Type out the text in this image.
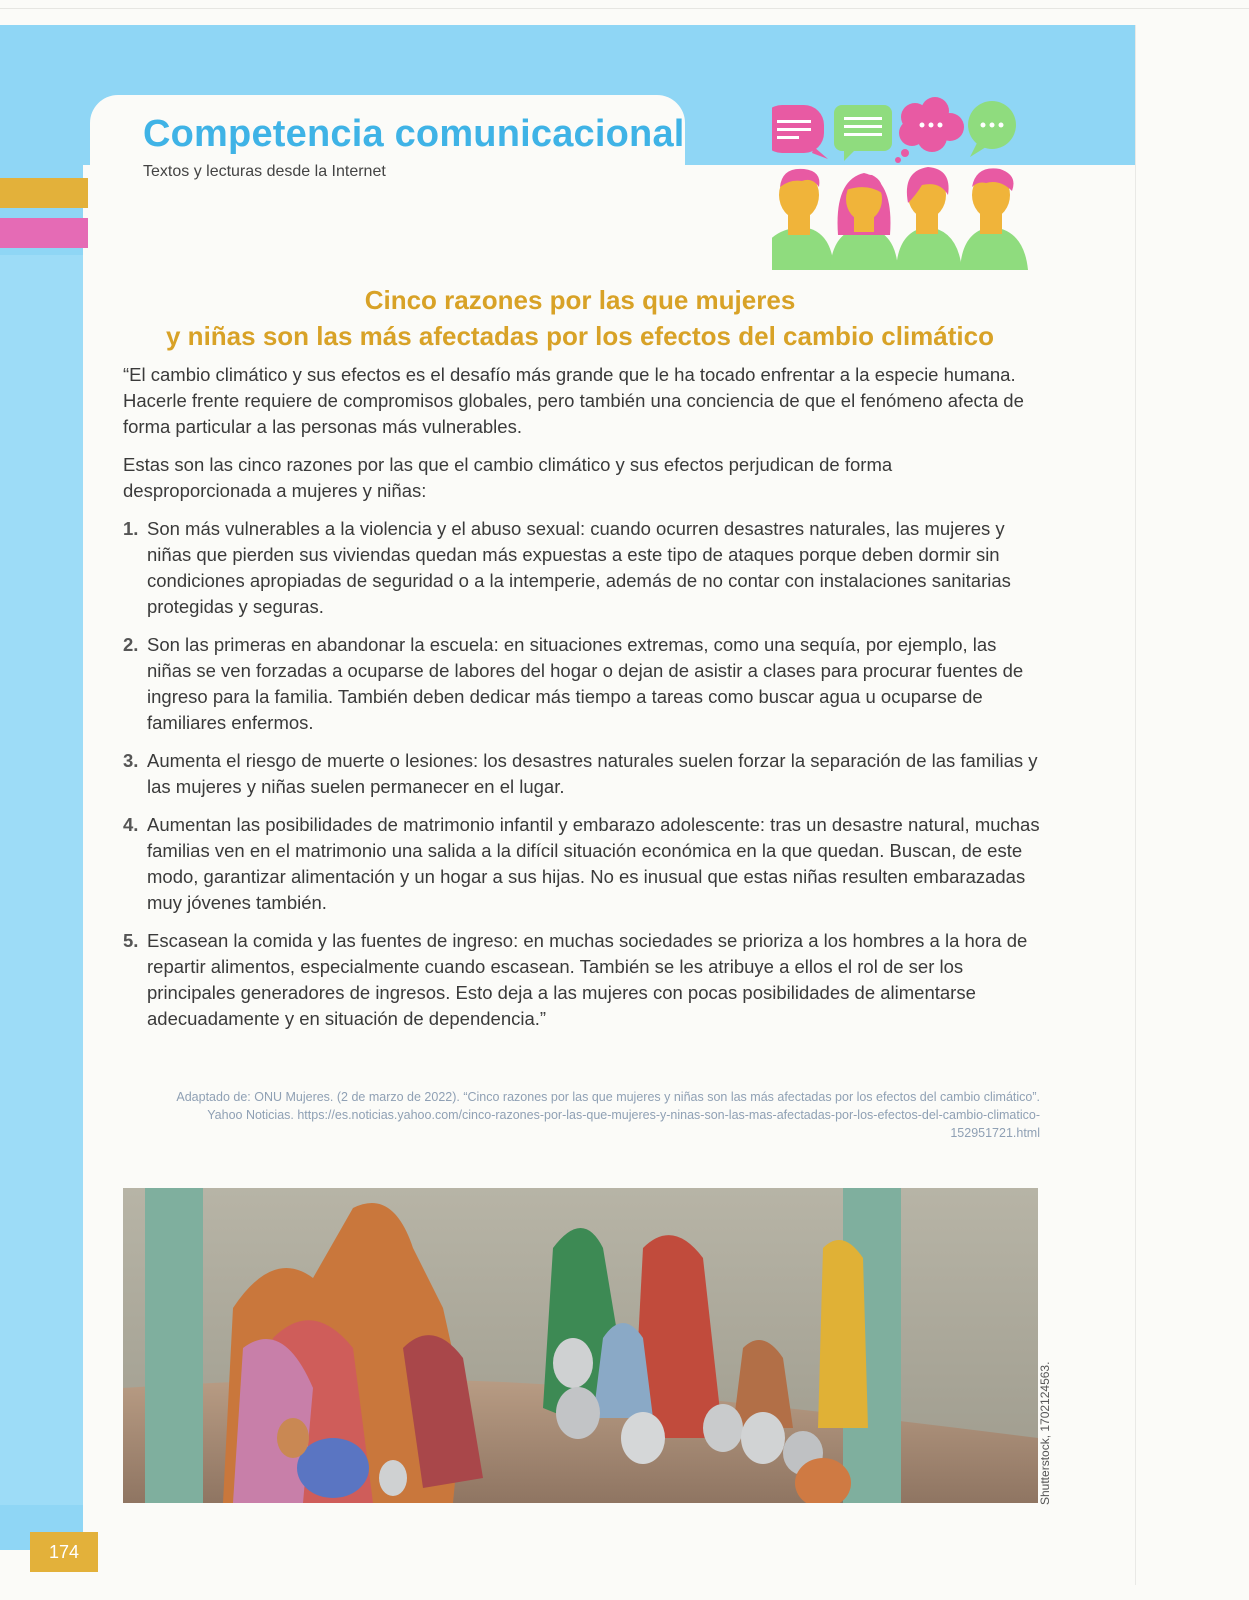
Competencia comunicacional
Textos y lecturas desde la Internet
Cinco razones por las que mujeres
y niñas son las más afectadas por los efectos del cambio climático

“El cambio climático y sus efectos es el desafío más grande que le ha tocado enfrentar a la especie humana. Hacerle frente requiere de compromisos globales, pero también una conciencia de que el fenómeno afecta de forma particular a las personas más vulnerables.

Estas son las cinco razones por las que el cambio climático y sus efectos perjudican de forma desproporcionada a mujeres y niñas:

1. Son más vulnerables a la violencia y el abuso sexual: cuando ocurren desastres naturales, las mujeres y niñas que pierden sus viviendas quedan más expuestas a este tipo de ataques porque deben dormir sin condiciones apropiadas de seguridad o a la intemperie, además de no contar con instalaciones sanitarias protegidas y seguras.
2. Son las primeras en abandonar la escuela: en situaciones extremas, como una sequía, por ejemplo, las niñas se ven forzadas a ocuparse de labores del hogar o dejan de asistir a clases para procurar fuentes de ingreso para la familia. También deben dedicar más tiempo a tareas como buscar agua u ocuparse de familiares enfermos.
3. Aumenta el riesgo de muerte o lesiones: los desastres naturales suelen forzar la separación de las familias y las mujeres y niñas suelen permanecer en el lugar.
4. Aumentan las posibilidades de matrimonio infantil y embarazo adolescente: tras un desastre natural, muchas familias ven en el matrimonio una salida a la difícil situación económica en la que quedan. Buscan, de este modo, garantizar alimentación y un hogar a sus hijas. No es inusual que estas niñas resulten embarazadas muy jóvenes también.
5. Escasean la comida y las fuentes de ingreso: en muchas sociedades se prioriza a los hombres a la hora de repartir alimentos, especialmente cuando escasean. También se les atribuye a ellos el rol de ser los principales generadores de ingresos. Esto deja a las mujeres con pocas posibilidades de alimentarse adecuadamente y en situación de dependencia.”
Adaptado de: ONU Mujeres. (2 de marzo de 2022). “Cinco razones por las que mujeres y niñas son las más afectadas por los efectos del cambio climático”. Yahoo Noticias. https://es.noticias.yahoo.com/cinco-razones-por-las-que-mujeres-y-ninas-son-las-mas-afectadas-por-los-efectos-del-cambio-climatico-152951721.html
Shutterstock, 1702124563.
174
